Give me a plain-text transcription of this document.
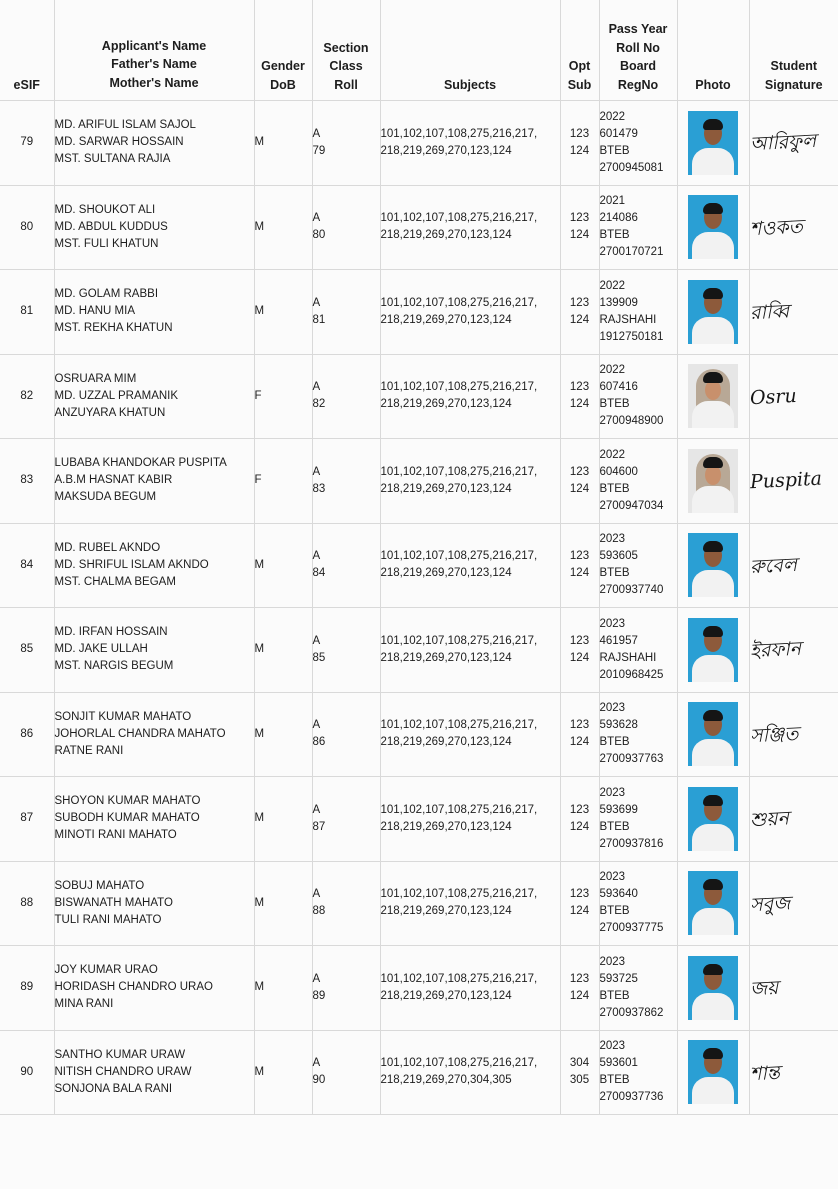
eSIF	Applicant's Name
Father's Name
Mother's Name	Gender
DoB	Section
Class
Roll	Subjects	Opt
Sub	Pass Year
Roll No
Board
RegNo	Photo	Student
Signature

79	MD. ARIFUL ISLAM SAJOL
MD. SARWAR HOSSAIN
MST. SULTANA RAJIA	M	A
79	101,102,107,108,275,216,217,
218,219,269,270,123,124	123
124	2022
601479
BTEB
2700945081		আরিফুল

80	MD. SHOUKOT ALI
MD. ABDUL KUDDUS
MST. FULI KHATUN	M	A
80	101,102,107,108,275,216,217,
218,219,269,270,123,124	123
124	2021
214086
BTEB
2700170721		শওকত

81	MD. GOLAM RABBI
MD. HANU MIA
MST. REKHA KHATUN	M	A
81	101,102,107,108,275,216,217,
218,219,269,270,123,124	123
124	2022
139909
RAJSHAHI
1912750181		রাব্বি

82	OSRUARA MIM
MD. UZZAL PRAMANIK
ANZUYARA KHATUN	F	A
82	101,102,107,108,275,216,217,
218,219,269,270,123,124	123
124	2022
607416
BTEB
2700948900		Osru

83	LUBABA KHANDOKAR PUSPITA
A.B.M HASNAT KABIR
MAKSUDA BEGUM	F	A
83	101,102,107,108,275,216,217,
218,219,269,270,123,124	123
124	2022
604600
BTEB
2700947034		Puspita

84	MD. RUBEL AKNDO
MD. SHRIFUL ISLAM AKNDO
MST. CHALMA BEGAM	M	A
84	101,102,107,108,275,216,217,
218,219,269,270,123,124	123
124	2023
593605
BTEB
2700937740		রুবেল

85	MD. IRFAN HOSSAIN
MD. JAKE ULLAH
MST. NARGIS BEGUM	M	A
85	101,102,107,108,275,216,217,
218,219,269,270,123,124	123
124	2023
461957
RAJSHAHI
2010968425		ইরফান

86	SONJIT KUMAR MAHATO
JOHORLAL CHANDRA MAHATO
RATNE RANI	M	A
86	101,102,107,108,275,216,217,
218,219,269,270,123,124	123
124	2023
593628
BTEB
2700937763		সঞ্জিত

87	SHOYON KUMAR MAHATO
SUBODH KUMAR MAHATO
MINOTI RANI MAHATO	M	A
87	101,102,107,108,275,216,217,
218,219,269,270,123,124	123
124	2023
593699
BTEB
2700937816		শুয়ন

88	SOBUJ MAHATO
BISWANATH MAHATO
TULI RANI MAHATO	M	A
88	101,102,107,108,275,216,217,
218,219,269,270,123,124	123
124	2023
593640
BTEB
2700937775		সবুজ

89	JOY KUMAR URAO
HORIDASH CHANDRO URAO
MINA RANI	M	A
89	101,102,107,108,275,216,217,
218,219,269,270,123,124	123
124	2023
593725
BTEB
2700937862		জয়

90	SANTHO KUMAR URAW
NITISH CHANDRO URAW
SONJONA BALA RANI	M	A
90	101,102,107,108,275,216,217,
218,219,269,270,304,305	304
305	2023
593601
BTEB
2700937736		শান্ত
